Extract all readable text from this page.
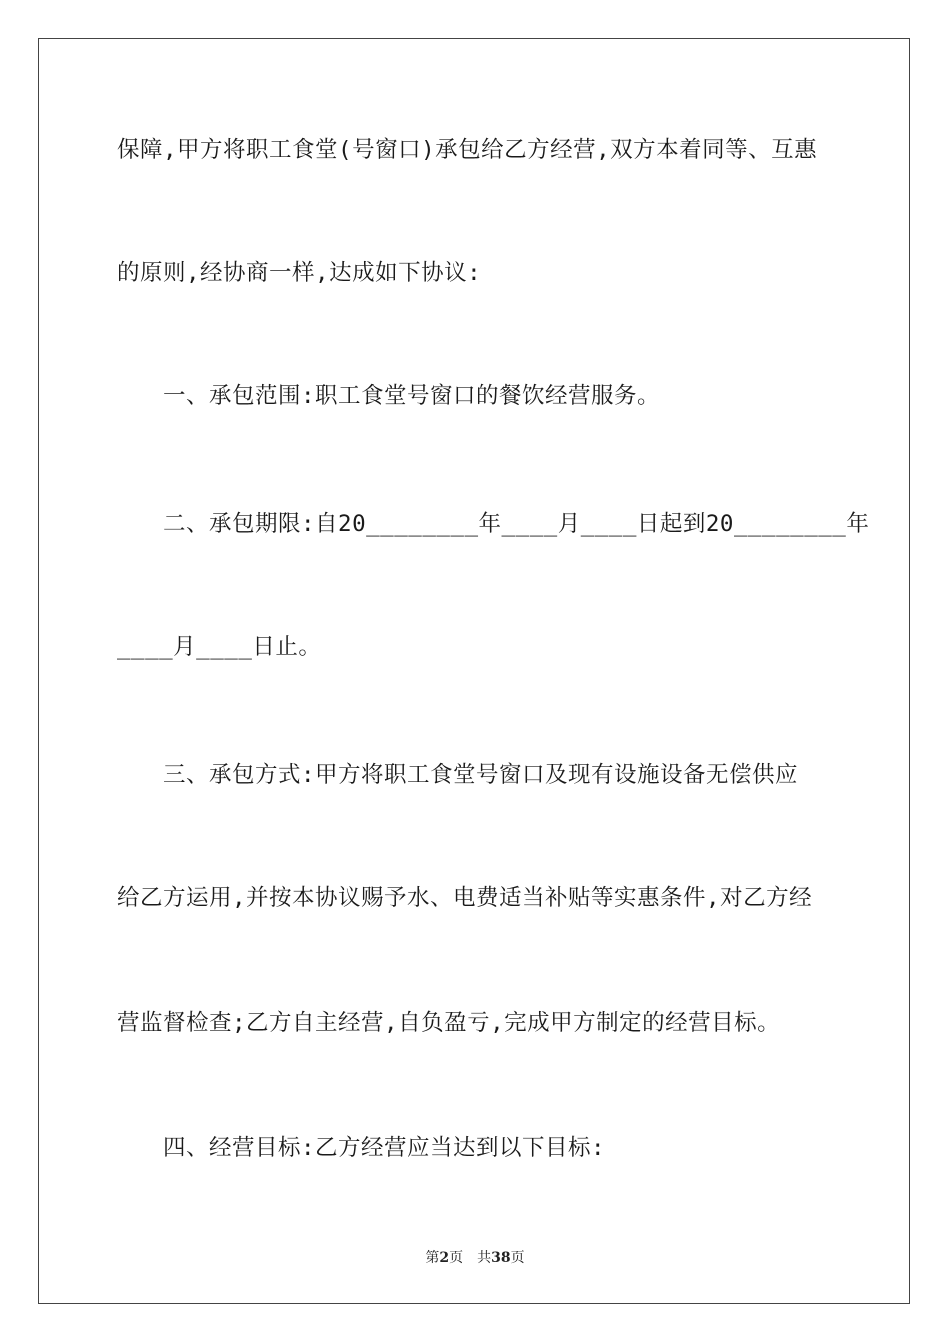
保障,甲方将职工食堂(号窗口)承包给乙方经营,双方本着同等、互惠
的原则,经协商一样,达成如下协议:
一、承包范围:职工食堂号窗口的餐饮经营服务。
二、承包期限:自20________年____月____日起到20________年
____月____日止。
三、承包方式:甲方将职工食堂号窗口及现有设施设备无偿供应
给乙方运用,并按本协议赐予水、电费适当补贴等实惠条件,对乙方经
营监督检查;乙方自主经营,自负盈亏,完成甲方制定的经营目标。
四、经营目标:乙方经营应当达到以下目标:
第2页 共38页
